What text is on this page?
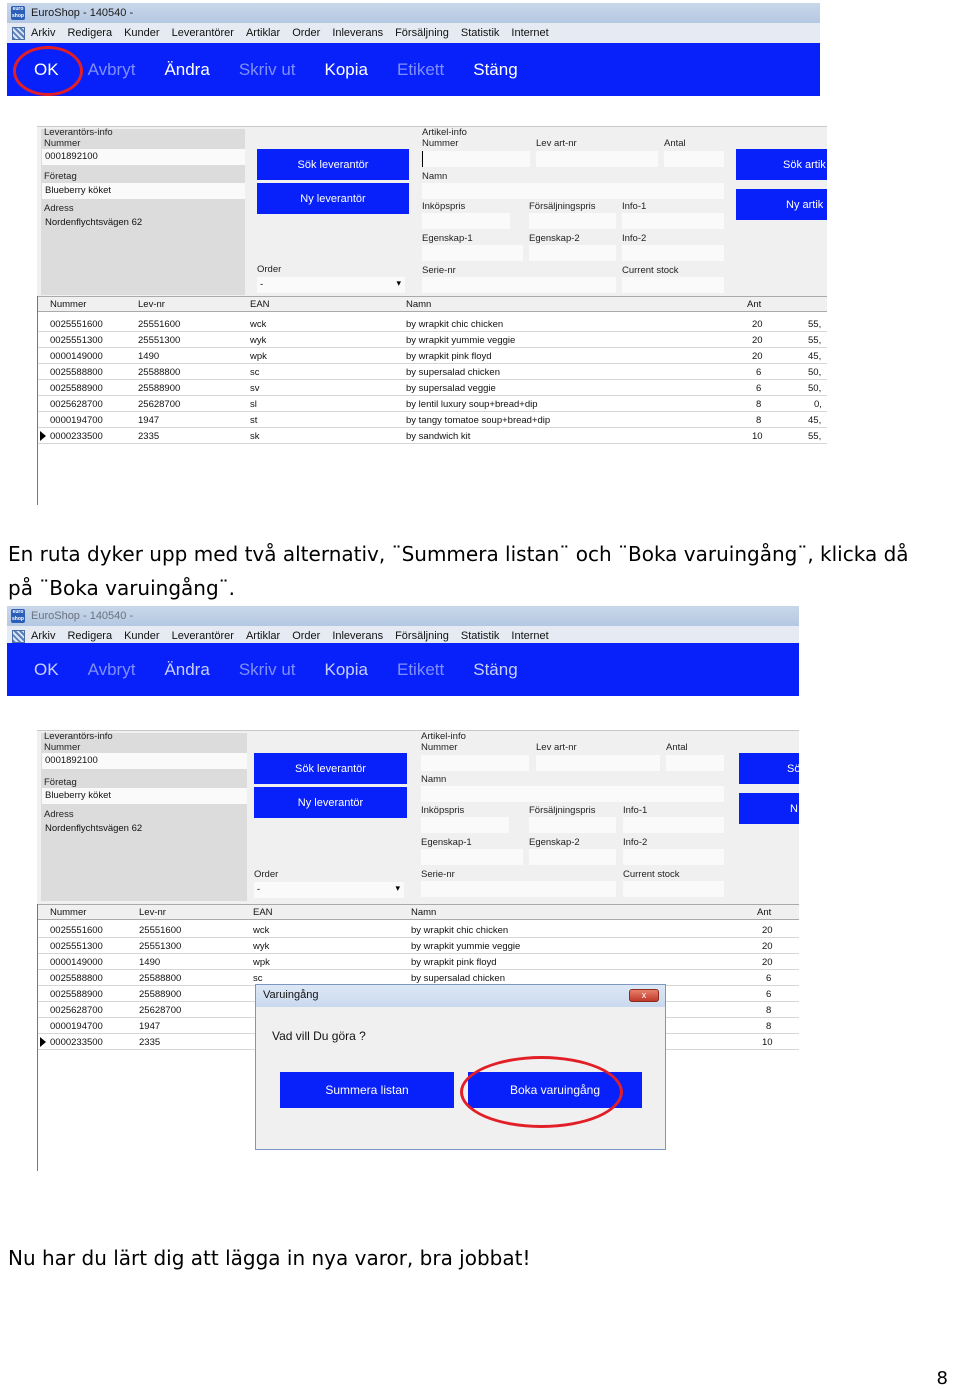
euro shop EuroShop - 140540 -
Arkiv Redigera Kunder Leverantörer Artiklar Order Inleverans Försäljning Statistik Internet
OK Avbryt Ändra Skriv ut Kopia Etikett Stäng
Leverantörs-info
Nummer
0001892100
Företag
Blueberry köket
Adress
Nordenflychtsvägen 62
Sök leverantör
Ny leverantör
Order
- ▾
Artikel-info
Nummer	Lev art-nr	Antal
Namn
Inköpspris	Försäljningspris	Info-1
Egenskap-1	Egenskap-2	Info-2
Serie-nr	Current stock
Sök artik
Ny artik
Nummer	Lev-nr	EAN	Namn	Ant
0025551600	25551600	wck	by wrapkit chic chicken	20	55,
0025551300	25551300	wyk	by wrapkit yummie veggie	20	55,
0000149000	1490	wpk	by wrapkit pink floyd	20	45,
0025588800	25588800	sc	by supersalad chicken	6	50,
0025588900	25588900	sv	by supersalad veggie	6	50,
0025628700	25628700	sl	by lentil luxury soup+bread+dip	8	0,
0000194700	1947	st	by tangy tomatoe soup+bread+dip	8	45,
0000233500	2335	sk	by sandwich kit	10	55,
En ruta dyker upp med två alternativ, ¨Summera listan¨ och ¨Boka varuingång¨, klicka då på ¨Boka varuingång¨.
euro shop EuroShop - 140540 -
Arkiv Redigera Kunder Leverantörer Artiklar Order Inleverans Försäljning Statistik Internet
OK Avbryt Ändra Skriv ut Kopia Etikett Stäng
Leverantörs-info
Nummer
0001892100
Företag
Blueberry köket
Adress
Nordenflychtsvägen 62
Sök leverantör
Ny leverantör
Order
- ▾
Artikel-info
Nummer	Lev art-nr	Antal
Namn
Inköpspris	Försäljningspris	Info-1
Egenskap-1	Egenskap-2	Info-2
Serie-nr	Current stock
Sö
N
Nummer	Lev-nr	EAN	Namn	Ant
0025551600	25551600	wck	by wrapkit chic chicken	20
0025551300	25551300	wyk	by wrapkit yummie veggie	20
0000149000	1490	wpk	by wrapkit pink floyd	20
0025588800	25588800	sc	by supersalad chicken	6
0025588900	25588900	6
0025628700	25628700	8
0000194700	1947	8
0000233500	2335	10
Varuingång	x
Vad vill Du göra ?
Summera listan	Boka varuingång
Nu har du lärt dig att lägga in nya varor, bra jobbat!
8
